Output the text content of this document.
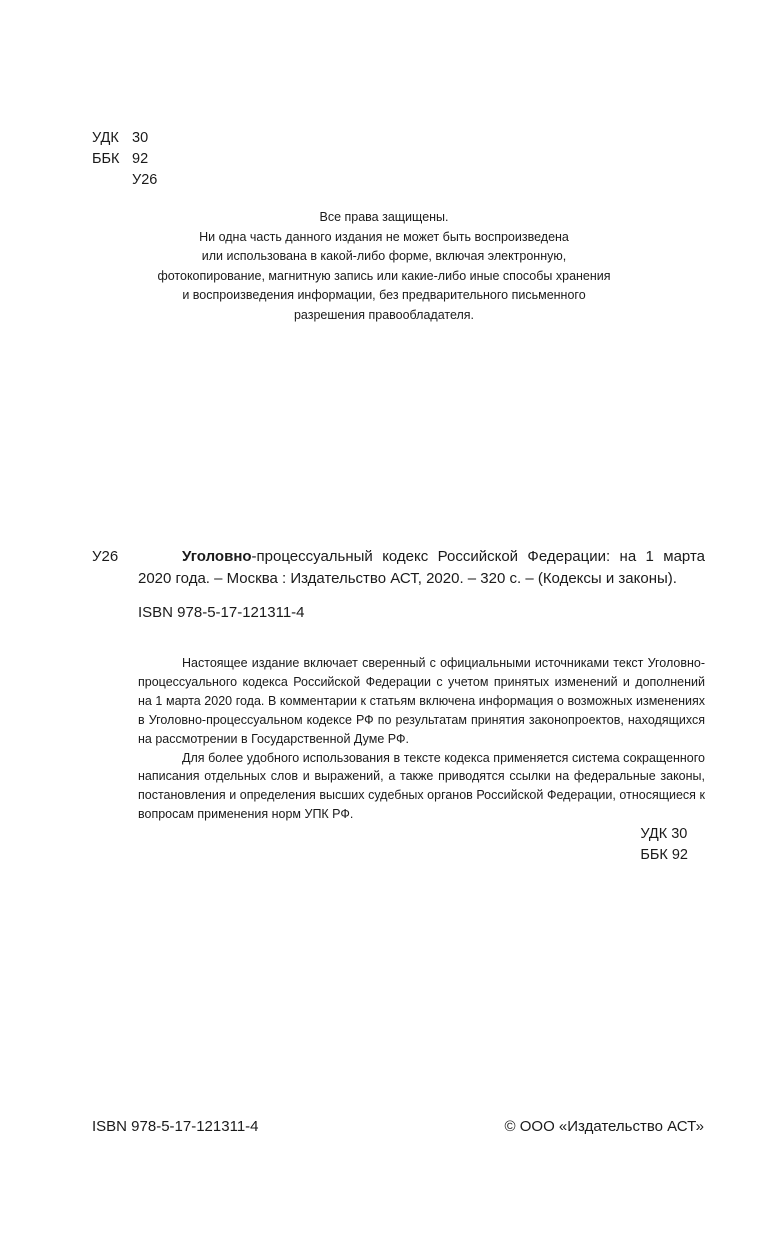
УДК 30
ББК 92
У26
Все права защищены.
Ни одна часть данного издания не может быть воспроизведена
или использована в какой-либо форме, включая электронную,
фотокопирование, магнитную запись или какие-либо иные способы хранения
и воспроизведения информации, без предварительного письменного
разрешения правообладателя.
У26	Уголовно-процессуальный кодекс Российской Федерации: на 1 марта 2020 года. – Москва : Издательство АСТ, 2020. – 320 с. – (Кодексы и законы).
ISBN 978-5-17-121311-4

Настоящее издание включает сверенный с официальными источниками текст Уголовно-процессуального кодекса Российской Федерации с учетом принятых изменений и дополнений на 1 марта 2020 года. В комментарии к статьям включена информация о возможных изменениях в Уголовно-процессуальном кодексе РФ по результатам принятия законопроектов, находящихся на рассмотрении в Государственной Думе РФ.

Для более удобного использования в тексте кодекса применяется система сокращенного написания отдельных слов и выражений, а также приводятся ссылки на федеральные законы, постановления и определения высших судебных органов Российской Федерации, относящиеся к вопросам применения норм УПК РФ.

УДК 30
ББК 92
ISBN 978-5-17-121311-4	© ООО «Издательство АСТ»
